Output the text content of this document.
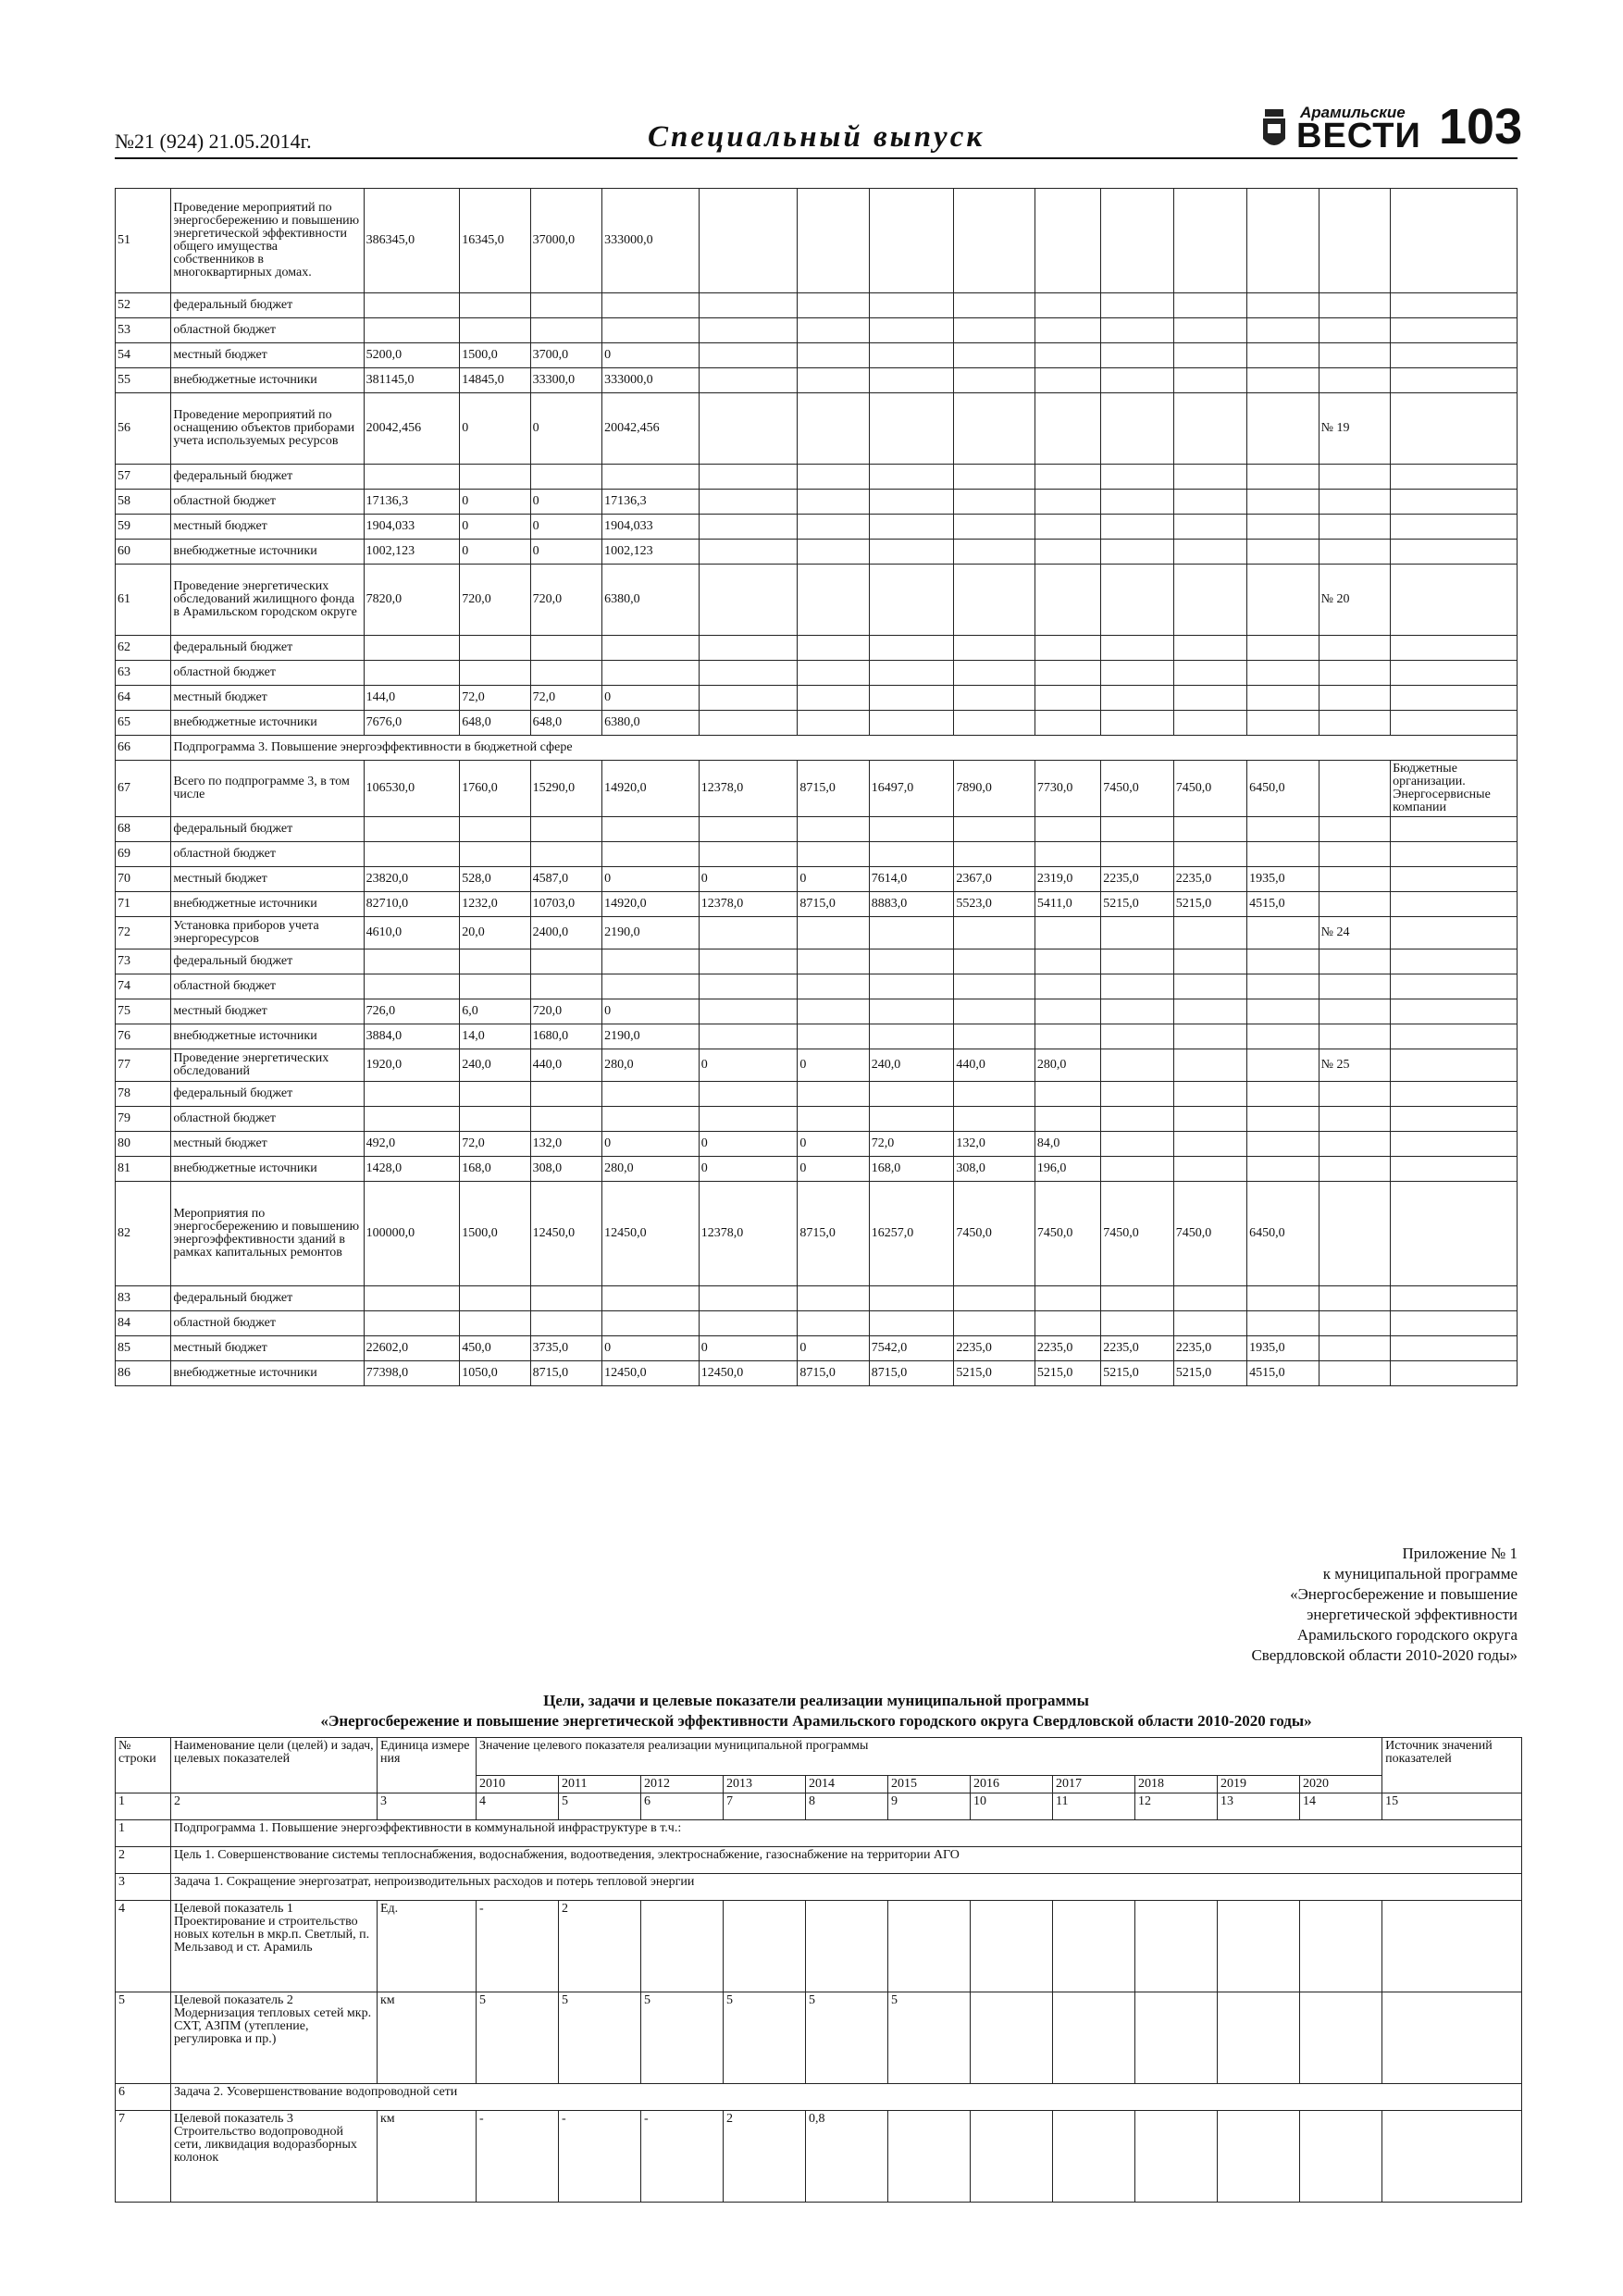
№21 (924) 21.05.2014г.	Специальный выпуск
Арамильские
ВЕСТИ 103
51	Проведение мероприятий по энергосбережению и повышению энергетической эффективности общего имущества собственников в многоквартирных домах.	386345,0	16345,0	37000,0	333000,0										
52	федеральный бюджет														
53	областной бюджет														
54	местный бюджет	5200,0	1500,0	3700,0	0										
55	внебюджетные источники	381145,0	14845,0	33300,0	333000,0										
56	Проведение мероприятий по оснащению объектов приборами учета используемых ресурсов	20042,456	0	0	20042,456									№ 19	
57	федеральный бюджет														
58	областной бюджет	17136,3	0	0	17136,3										
59	местный бюджет	1904,033	0	0	1904,033										
60	внебюджетные источники	1002,123	0	0	1002,123										
61	Проведение энергетических обследований жилищного фонда в Арамильском городском округе	7820,0	720,0	720,0	6380,0									№ 20	
62	федеральный бюджет														
63	областной бюджет														
64	местный бюджет	144,0	72,0	72,0	0										
65	внебюджетные источники	7676,0	648,0	648,0	6380,0										
66	Подпрограмма 3. Повышение энергоэффективности в бюджетной сфере														
67	Всего по подпрограмме 3, в том числе	106530,0	1760,0	15290,0	14920,0	12378,0	8715,0	16497,0	7890,0	7730,0	7450,0	7450,0	6450,0		Бюджетные организации. Энергосервисные компании
68	федеральный бюджет														
69	областной бюджет														
70	местный бюджет	23820,0	528,0	4587,0	0	0	0	7614,0	2367,0	2319,0	2235,0	2235,0	1935,0		
71	внебюджетные источники	82710,0	1232,0	10703,0	14920,0	12378,0	8715,0	8883,0	5523,0	5411,0	5215,0	5215,0	4515,0		
72	Установка приборов учета энергоресурсов	4610,0	20,0	2400,0	2190,0									№ 24	
73	федеральный бюджет														
74	областной бюджет														
75	местный бюджет	726,0	6,0	720,0	0										
76	внебюджетные источники	3884,0	14,0	1680,0	2190,0										
77	Проведение энергетических обследований	1920,0	240,0	440,0	280,0	0	0	240,0	440,0	280,0				№ 25	
78	федеральный бюджет														
79	областной бюджет														
80	местный бюджет	492,0	72,0	132,0	0	0	0	72,0	132,0	84,0					
81	внебюджетные источники	1428,0	168,0	308,0	280,0	0	0	168,0	308,0	196,0					
82	Мероприятия по энергосбережению и повышению энергоэффективности зданий в рамках капитальных ремонтов	100000,0	1500,0	12450,0	12450,0	12378,0	8715,0	16257,0	7450,0	7450,0	7450,0	7450,0	6450,0		
83	федеральный бюджет														
84	областной бюджет														
85	местный бюджет	22602,0	450,0	3735,0	0	0	0	7542,0	2235,0	2235,0	2235,0	2235,0	1935,0		
86	внебюджетные источники	77398,0	1050,0	8715,0	12450,0	12450,0	8715,0	8715,0	5215,0	5215,0	5215,0	5215,0	4515,0		
Приложение № 1
к муниципальной программе
«Энергосбережение и повышение
энергетической эффективности
Арамильского городского округа
Свердловской области 2010-2020 годы»
Цели, задачи и целевые показатели реализации муниципальной программы
«Энергосбережение и повышение энергетической эффективности Арамильского городского округа Свердловской области 2010-2020 годы»
№ строки	Наименование цели (целей) и задач, целевых показателей	Единица измере ния	Значение целевого показателя реализации муниципальной программы											Источник значений показателей	
			2010	2011	2012	2013	2014	2015	2016	2017	2018	2019	2020		
1	2	3	4	5	6	7	8	9	10	11	12	13	14	15	
1	Подпрограмма 1. Повышение энергоэффективности в коммунальной инфраструктуре в т.ч.:														
2	Цель 1. Совершенствование системы теплоснабжения, водоснабжения, водоотведения, электроснабжение, газоснабжение на территории АГО														
3	Задача 1. Сокращение энергозатрат, непроизводительных расходов и потерь тепловой энергии														
4	Целевой показатель 1 Проектирование и строительство новых котельн в мкр.п. Светлый, п. Мельзавод и ст. Арамиль	Ед.	-	2											
5	Целевой показатель 2 Модернизация тепловых сетей мкр. СХТ, АЗПМ (утепление, регулировка и пр.)	км	5	5	5	5	5	5							
6	Задача 2. Усовершенствование водопроводной сети														
7	Целевой показатель 3 Строительство водопроводной сети, ликвидация водоразборных колонок	км	-	-	-	2	0,8								
